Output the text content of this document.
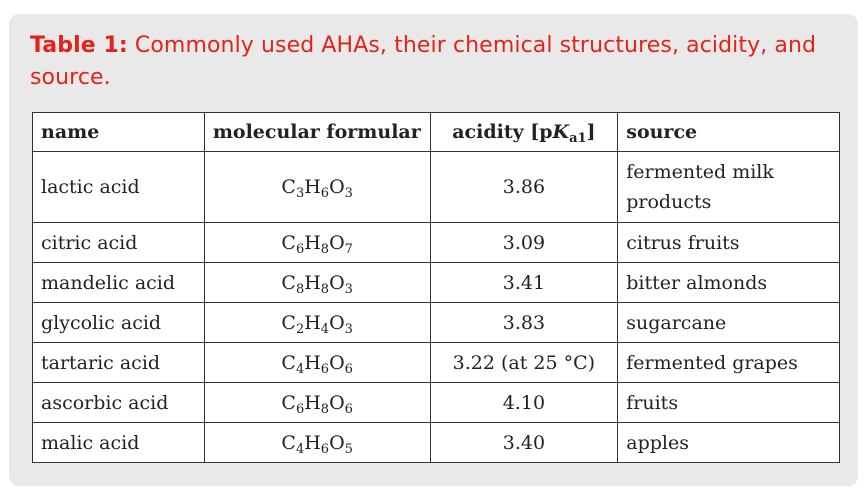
Table 1: Commonly used AHAs, their chemical structures, acidity, and source.
name	molecular formular	acidity $[pK_{a1}]$	source
lactic acid	$C_3H_6O_3$	3.86	fermented milk products
citric acid	$C_6H_8O_7$	3.09	citrus fruits
mandelic acid	$C_8H_8O_3$	3.41	bitter almonds
glycolic acid	$C_2H_4O_3$	3.83	sugarcane
tartaric acid	$C_4H_6O_6$	3.22 (at 25 °C)	fermented grapes
ascorbic acid	$C_6H_8O_6$	4.10	fruits
malic acid	$C_4H_6O_5$	3.40	apples
